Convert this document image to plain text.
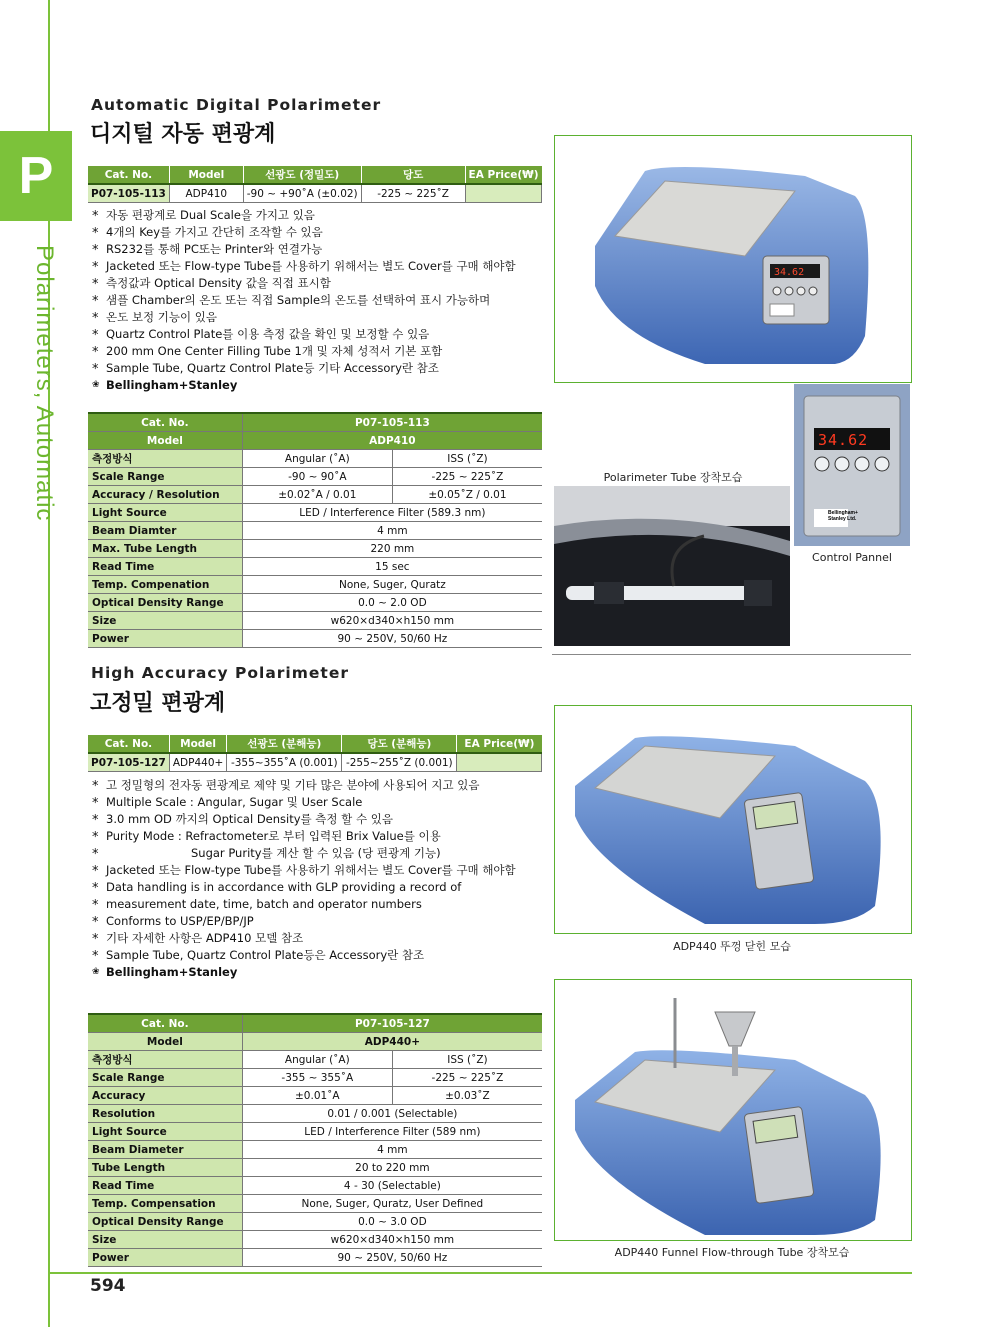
P
Polarimeters, Automatic
Automatic Digital Polarimeter
디지털 자동 편광계
Cat. No.	Model	선광도 (정밀도)	당도	EA Price(₩)
P07-105-113	ADP410	-90 ~ +90˚A (±0.02)	-225 ~ 225˚Z	
* 자동 편광계로 Dual Scale을 가지고 있음
* 4개의 Key를 가지고 간단히 조작할 수 있음
* RS232를 통해 PC또는 Printer와 연결가능
* Jacketed 또는 Flow-type Tube를 사용하기 위해서는 별도 Cover를 구매 해야함
* 측정값과 Optical Density 값을 직접 표시함
* 샘플 Chamber의 온도 또는 직접 Sample의 온도를 선택하여 표시 가능하며
* 온도 보정 기능이 있음
* Quartz Control Plate를 이용 측정 값을 확인 및 보정할 수 있음
* 200 mm One Center Filling Tube 1개 및 자체 성적서 기본 포함
* Sample Tube, Quartz Control Plate등 기타 Accessory란 참조
❀ Bellingham+Stanley
Cat. No.	P07-105-113	
Model	ADP410	
측정방식	Angular (˚A)	ISS (˚Z)
Scale Range	-90 ~ 90˚A	-225 ~ 225˚Z
Accuracy / Resolution	±0.02˚A / 0.01	±0.05˚Z / 0.01
Light Source	LED / Interference Filter (589.3 nm)	
Beam Diamter	4 mm	
Max. Tube Length	220 mm	
Read Time	15 sec	
Temp. Compenation	None, Suger, Quratz	
Optical Density Range	0.0 ~ 2.0 OD	
Size	w620×d340×h150 mm	
Power	90 ~ 250V, 50/60 Hz	
34.62
Polarimeter Tube 장착모습
34.62
Bellingham+ Stanley Ltd.
Control Pannel
High Accuracy Polarimeter
고정밀 편광계
Cat. No.	Model	선광도 (분해능)	당도 (분해능)	EA Price(₩)
P07-105-127	ADP440+	-355~355˚A (0.001)	-255~255˚Z (0.001)	
* 고 정밀형의 전자동 편광계로 제약 및 기타 많은 분야에 사용되어 지고 있음
* Multiple Scale : Angular, Sugar 및 User Scale
* 3.0 mm OD 까지의 Optical Density를 측정 할 수 있음
* Purity Mode : Refractometer로 부터 입력된 Brix Value를 이용
* Sugar Purity를 계산 할 수 있음 (당 편광계 기능)
* Jacketed 또는 Flow-type Tube를 사용하기 위해서는 별도 Cover를 구매 해야함
* Data handling is in accordance with GLP providing a record of
* measurement date, time, batch and operator numbers
* Conforms to USP/EP/BP/JP
* 기타 자세한 사항은 ADP410 모델 참조
* Sample Tube, Quartz Control Plate등은 Accessory란 참조
❀ Bellingham+Stanley
Cat. No.	P07-105-127	
Model	ADP440+	
측정방식	Angular (˚A)	ISS (˚Z)
Scale Range	-355 ~ 355˚A	-225 ~ 225˚Z
Accuracy	±0.01˚A	±0.03˚Z
Resolution	0.01 / 0.001 (Selectable)	
Light Source	LED / Interference Filter (589 nm)	
Beam Diameter	4 mm	
Tube Length	20 to 220 mm	
Read Time	4 - 30 (Selectable)	
Temp. Compensation	None, Suger, Quratz, User Defined	
Optical Density Range	0.0 ~ 3.0 OD	
Size	w620×d340×h150 mm	
Power	90 ~ 250V, 50/60 Hz	
ADP440 뚜껑 닫힌 모습
ADP440 Funnel Flow-through Tube 장착모습
594
